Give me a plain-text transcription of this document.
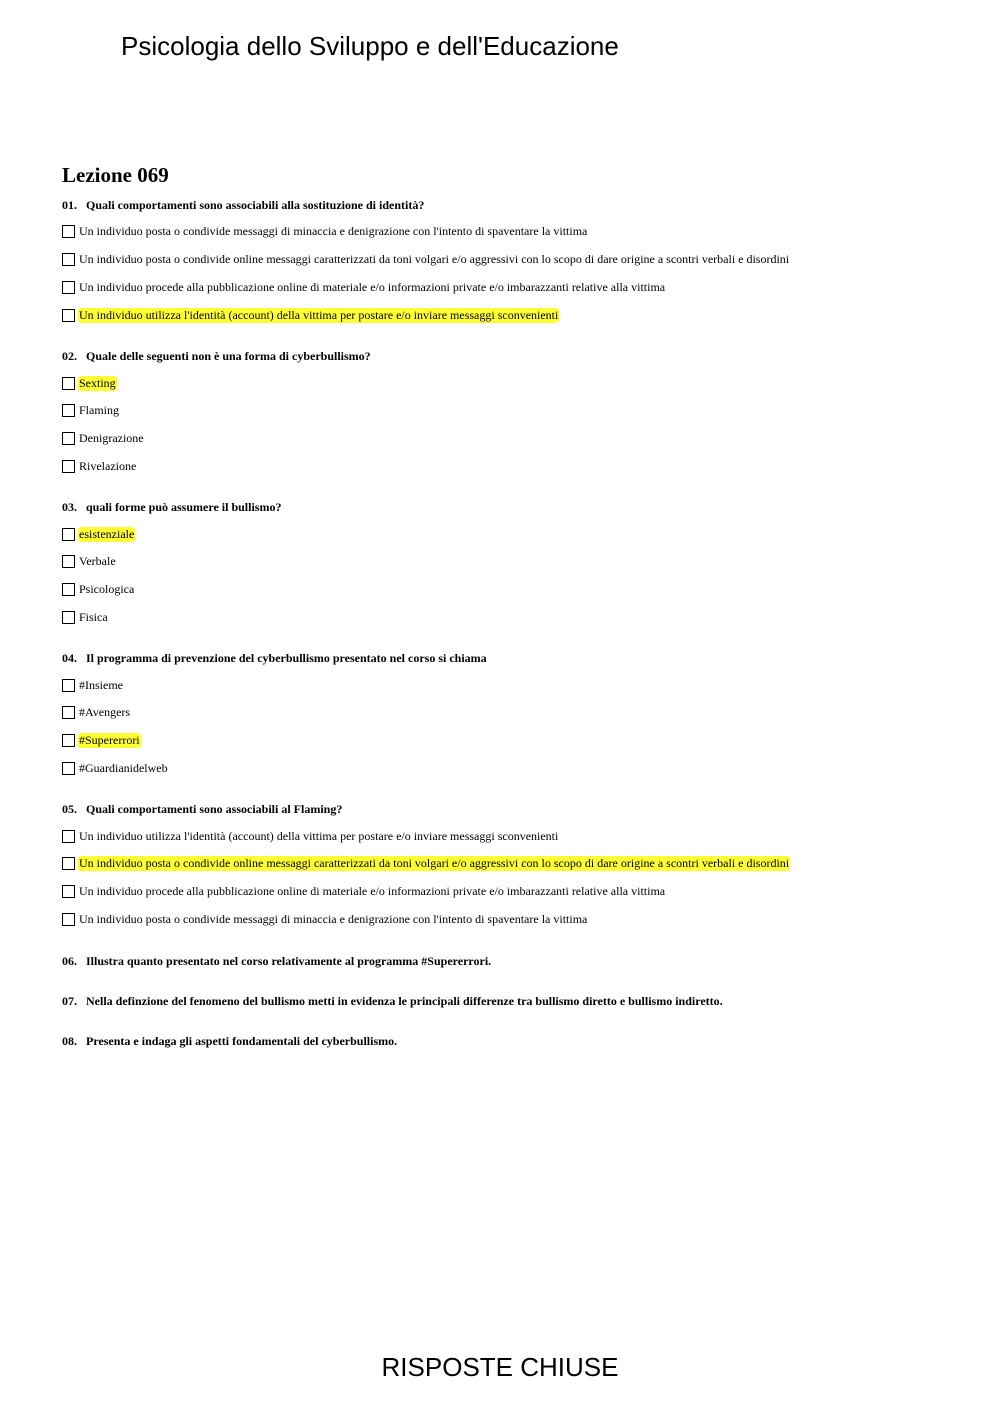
Psicologia dello Sviluppo e dell'Educazione
Lezione 069
01. Quali comportamenti sono associabili alla sostituzione di identità?
Un individuo posta o condivide messaggi di minaccia e denigrazione con l'intento di spaventare la vittima
Un individuo posta o condivide online messaggi caratterizzati da toni volgari e/o aggressivi con lo scopo di dare origine a scontri verbali e disordini
Un individuo procede alla pubblicazione online di materiale e/o informazioni private e/o imbarazzanti relative alla vittima
Un individuo utilizza l'identità (account) della vittima per postare e/o inviare messaggi sconvenienti
02. Quale delle seguenti non è una forma di cyberbullismo?
Sexting
Flaming
Denigrazione
Rivelazione
03. quali forme può assumere il bullismo?
esistenziale
Verbale
Psicologica
Fisica
04. Il programma di prevenzione del cyberbullismo presentato nel corso si chiama
#Insieme
#Avengers
#Supererrori
#Guardianidelweb
05. Quali comportamenti sono associabili al Flaming?
Un individuo utilizza l'identità (account) della vittima per postare e/o inviare messaggi sconvenienti
Un individuo posta o condivide online messaggi caratterizzati da toni volgari e/o aggressivi con lo scopo di dare origine a scontri verbali e disordini
Un individuo procede alla pubblicazione online di materiale e/o informazioni private e/o imbarazzanti relative alla vittima
Un individuo posta o condivide messaggi di minaccia e denigrazione con l'intento di spaventare la vittima
06. Illustra quanto presentato nel corso relativamente al programma #Supererrori.
07. Nella definzione del fenomeno del bullismo metti in evidenza le principali differenze tra bullismo diretto e bullismo indiretto.
08. Presenta e indaga gli aspetti fondamentali del cyberbullismo.
RISPOSTE CHIUSE
